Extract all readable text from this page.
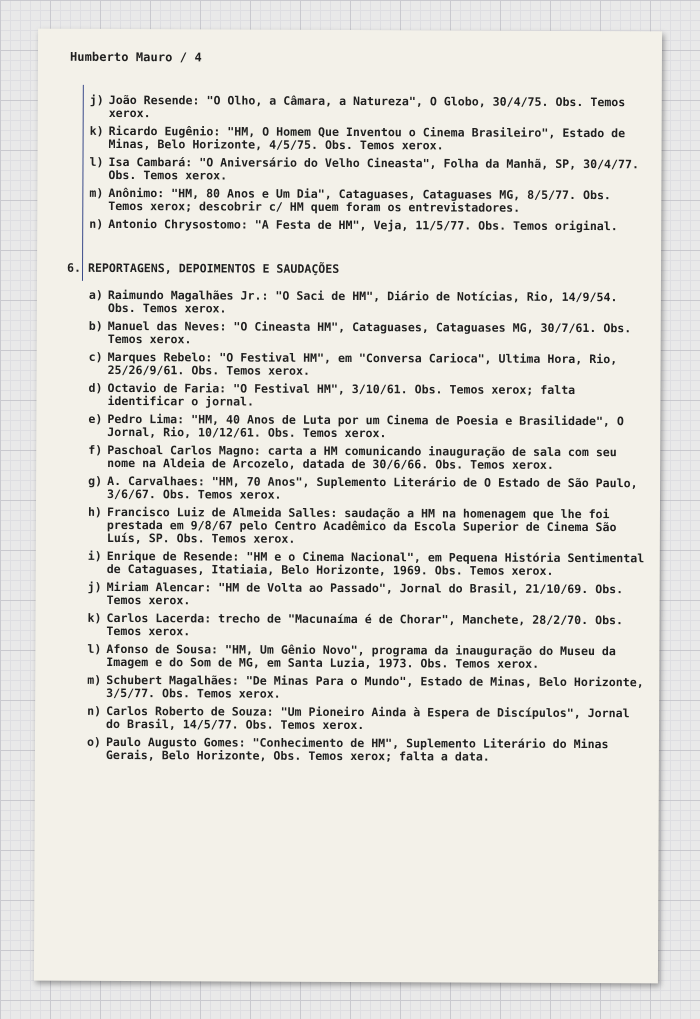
Humberto Mauro / 4
j) João Resende: "O Olho, a Câmara, a Natureza", O Globo, 30/4/75. Obs. Temos xerox.
k) Ricardo Eugênio: "HM, O Homem Que Inventou o Cinema Brasileiro", Estado de Minas, Belo Horizonte, 4/5/75. Obs. Temos xerox.
l) Isa Cambará: "O Aniversário do Velho Cineasta", Folha da Manhã, SP, 30/4/77. Obs. Temos xerox.
m) Anônimo: "HM, 80 Anos e Um Dia", Cataguases, Cataguases MG, 8/5/77. Obs. Temos xerox; descobrir c/ HM quem foram os entrevistadores.
n) Antonio Chrysostomo: "A Festa de HM", Veja, 11/5/77. Obs. Temos original.
6. REPORTAGENS, DEPOIMENTOS E SAUDAÇÕES
a) Raimundo Magalhães Jr.: "O Saci de HM", Diário de Notícias, Rio, 14/9/54. Obs. Temos xerox.
b) Manuel das Neves: "O Cineasta HM", Cataguases, Cataguases MG, 30/7/61. Obs. Temos xerox.
c) Marques Rebelo: "O Festival HM", em "Conversa Carioca", Ultima Hora, Rio, 25/26/9/61. Obs. Temos xerox.
d) Octavio de Faria: "O Festival HM", 3/10/61. Obs. Temos xerox; falta identificar o jornal.
e) Pedro Lima: "HM, 40 Anos de Luta por um Cinema de Poesia e Brasilidade", O Jornal, Rio, 10/12/61. Obs. Temos xerox.
f) Paschoal Carlos Magno: carta a HM comunicando inauguração de sala com seu nome na Aldeia de Arcozelo, datada de 30/6/66. Obs. Temos xerox.
g) A. Carvalhaes: "HM, 70 Anos", Suplemento Literário de O Estado de São Paulo, 3/6/67. Obs. Temos xerox.
h) Francisco Luiz de Almeida Salles: saudação a HM na homenagem que lhe foi prestada em 9/8/67 pelo Centro Acadêmico da Escola Superior de Cinema São Luís, SP. Obs. Temos xerox.
i) Enrique de Resende: "HM e o Cinema Nacional", em Pequena História Sentimental de Cataguases, Itatiaia, Belo Horizonte, 1969. Obs. Temos xerox.
j) Miriam Alencar: "HM de Volta ao Passado", Jornal do Brasil, 21/10/69. Obs. Temos xerox.
k) Carlos Lacerda: trecho de "Macunaíma é de Chorar", Manchete, 28/2/70. Obs. Temos xerox.
l) Afonso de Sousa: "HM, Um Gênio Novo", programa da inauguração do Museu da Imagem e do Som de MG, em Santa Luzia, 1973. Obs. Temos xerox.
m) Schubert Magalhães: "De Minas Para o Mundo", Estado de Minas, Belo Horizonte, 3/5/77. Obs. Temos xerox.
n) Carlos Roberto de Souza: "Um Pioneiro Ainda à Espera de Discípulos", Jornal do Brasil, 14/5/77. Obs. Temos xerox.
o) Paulo Augusto Gomes: "Conhecimento de HM", Suplemento Literário do Minas Gerais, Belo Horizonte, Obs. Temos xerox; falta a data.
